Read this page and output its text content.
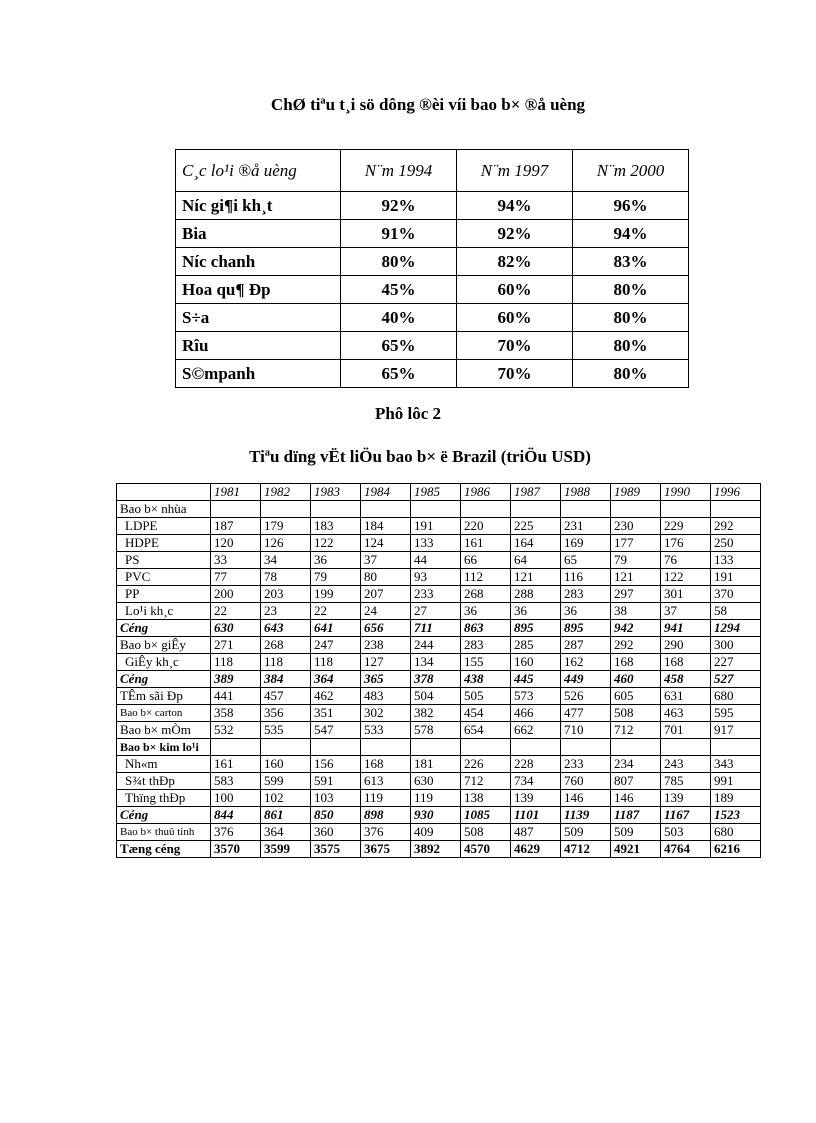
ChØ tiªu t¸i sö dông ®èi víi bao b× ®å uèng
C¸c lo¹i ®å uèng	N¨m 1994	N¨m 1997	N¨m 2000
Níc gi¶i kh¸t	92%	94%	96%
Bia	91%	92%	94%
Níc chanh	80%	82%	83%
Hoa qu¶ Ðp	45%	60%	80%
S÷a	40%	60%	80%
Rîu	65%	70%	80%
S©mpanh	65%	70%	80%
Phô lôc 2
Tiªu dïng vËt liÖu bao b× ë Brazil (triÖu USD)
	1981	1982	1983	1984	1985	1986	1987	1988	1989	1990	1996
Bao b× nhùa											
LDPE	187	179	183	184	191	220	225	231	230	229	292
HDPE	120	126	122	124	133	161	164	169	177	176	250
PS	33	34	36	37	44	66	64	65	79	76	133
PVC	77	78	79	80	93	112	121	116	121	122	191
PP	200	203	199	207	233	268	288	283	297	301	370
Lo¹i kh¸c	22	23	22	24	27	36	36	36	38	37	58
Céng	630	643	641	656	711	863	895	895	942	941	1294
Bao b× giÊy	271	268	247	238	244	283	285	287	292	290	300
GiÊy kh¸c	118	118	118	127	134	155	160	162	168	168	227
Céng	389	384	364	365	378	438	445	449	460	458	527
TÊm sãi Ðp	441	457	462	483	504	505	573	526	605	631	680
Bao b× carton	358	356	351	302	382	454	466	477	508	463	595
Bao b× mÒm	532	535	547	533	578	654	662	710	712	701	917
Bao b× kim lo¹i											
Nh«m	161	160	156	168	181	226	228	233	234	243	343
S¾t thÐp	583	599	591	613	630	712	734	760	807	785	991
Thïng thÐp	100	102	103	119	119	138	139	146	146	139	189
Céng	844	861	850	898	930	1085	1101	1139	1187	1167	1523
Bao b× thuû tinh	376	364	360	376	409	508	487	509	509	503	680
Tæng céng	3570	3599	3575	3675	3892	4570	4629	4712	4921	4764	6216
